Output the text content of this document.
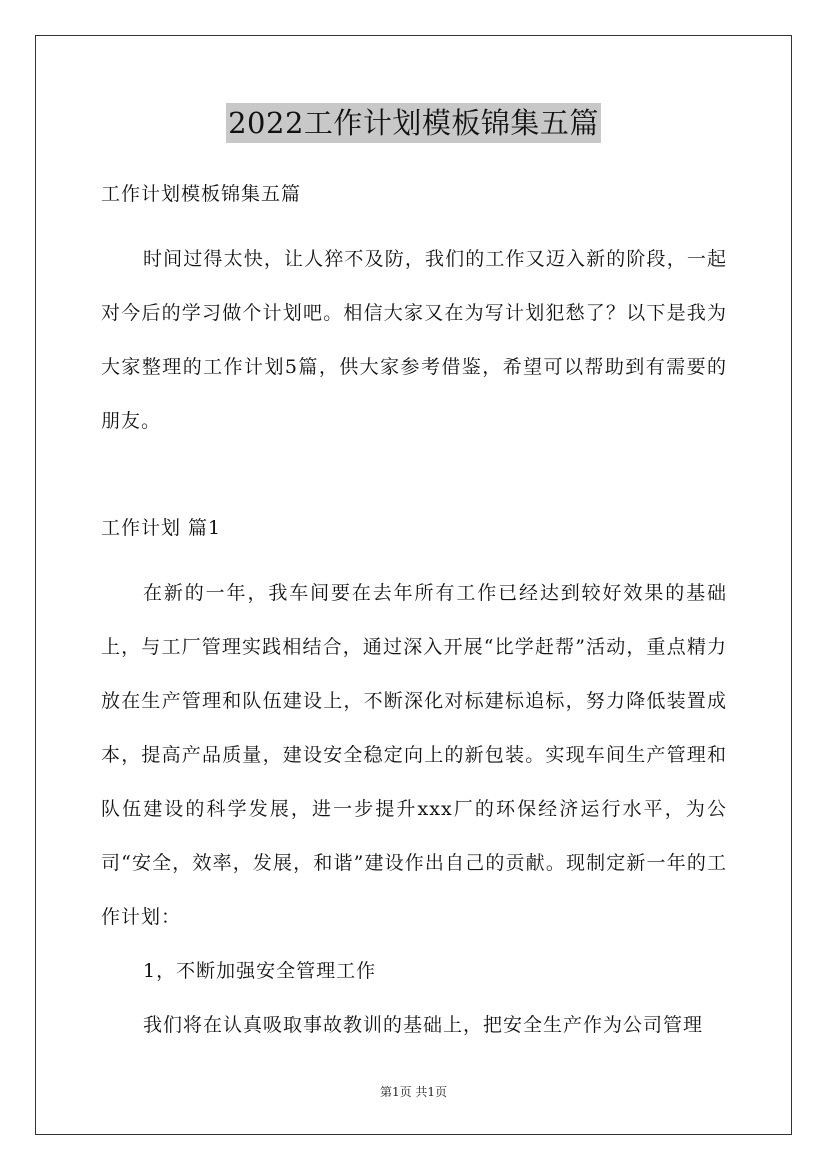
2022工作计划模板锦集五篇

工作计划模板锦集五篇

时间过得太快，让人猝不及防，我们的工作又迈入新的阶段，一起对今后的学习做个计划吧。相信大家又在为写计划犯愁了？以下是我为大家整理的工作计划5篇，供大家参考借鉴，希望可以帮助到有需要的朋友。

工作计划 篇1

在新的一年，我车间要在去年所有工作已经达到较好效果的基础上，与工厂管理实践相结合，通过深入开展“比学赶帮”活动，重点精力放在生产管理和队伍建设上，不断深化对标建标追标，努力降低装置成本，提高产品质量，建设安全稳定向上的新包装。实现车间生产管理和队伍建设的科学发展，进一步提升xxx厂的环保经济运行水平，为公司“安全，效率，发展，和谐”建设作出自己的贡献。现制定新一年的工作计划：

1，不断加强安全管理工作

我们将在认真吸取事故教训的基础上，把安全生产作为公司管理

第1页 共1页
